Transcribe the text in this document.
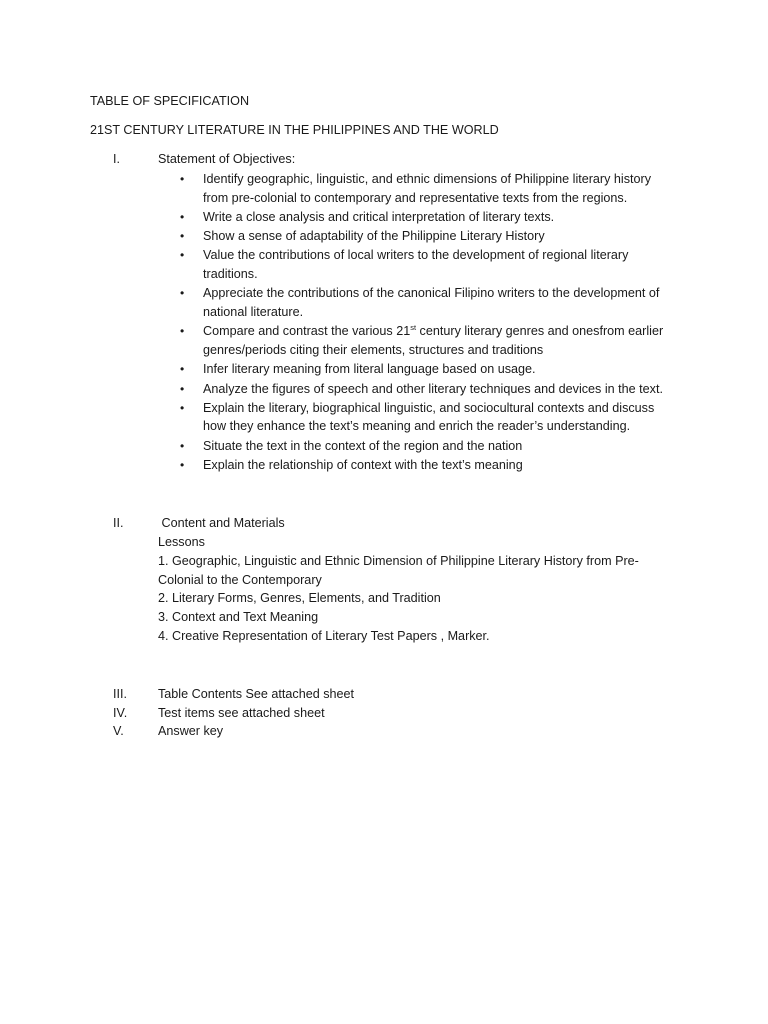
TABLE OF SPECIFICATION
21ST CENTURY LITERATURE IN THE PHILIPPINES AND THE WORLD
I.	Statement of Objectives:
• Identify geographic, linguistic, and ethnic dimensions of Philippine literary history
from pre-colonial to contemporary and representative texts from the regions.
• Write a close analysis and critical interpretation of literary texts.
• Show a sense of adaptability of the Philippine Literary History
• Value the contributions of local writers to the development of regional literary
traditions.
• Appreciate the contributions of the canonical Filipino writers to the development of
national literature.
• Compare and contrast the various 21st century literary genres and onesfrom earlier
genres/periods citing their elements, structures and traditions
• Infer literary meaning from literal language based on usage.
• Analyze the figures of speech and other literary techniques and devices in the text.
• Explain the literary, biographical linguistic, and sociocultural contexts and discuss
how they enhance the text’s meaning and enrich the reader’s understanding.
• Situate the text in the context of the region and the nation
• Explain the relationship of context with the text’s meaning
II.	Content and Materials
Lessons
1. Geographic, Linguistic and Ethnic Dimension of Philippine Literary History from Pre-
Colonial to the Contemporary
2. Literary Forms, Genres, Elements, and Tradition
3. Context and Text Meaning
4. Creative Representation of Literary Test Papers , Marker.
III.	Table Contents See attached sheet
IV.	Test items see attached sheet
V.	Answer key
